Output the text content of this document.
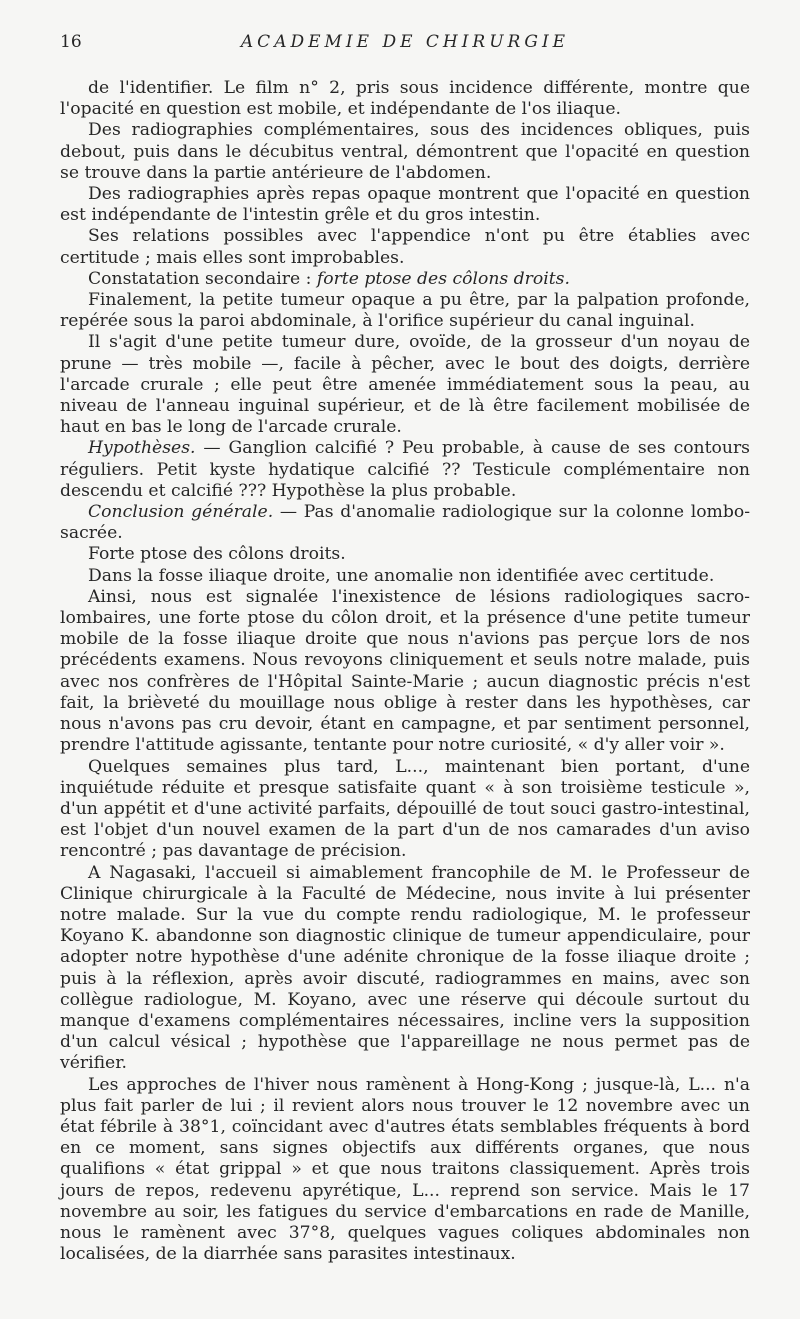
16	ACADEMIE DE CHIRURGIE

de l'identifier. Le film n° 2, pris sous incidence différente, montre que l'opacité en question est mobile, et indépendante de l'os iliaque.

Des radiographies complémentaires, sous des incidences obliques, puis debout, puis dans le décubitus ventral, démontrent que l'opacité en question se trouve dans la partie antérieure de l'abdomen.

Des radiographies après repas opaque montrent que l'opacité en question est indépendante de l'intestin grêle et du gros intestin.

Ses relations possibles avec l'appendice n'ont pu être établies avec certitude ; mais elles sont improbables.

Constatation secondaire : forte ptose des côlons droits.

Finalement, la petite tumeur opaque a pu être, par la palpation profonde, repérée sous la paroi abdominale, à l'orifice supérieur du canal inguinal.

Il s'agit d'une petite tumeur dure, ovoïde, de la grosseur d'un noyau de prune — très mobile —, facile à pêcher, avec le bout des doigts, derrière l'arcade crurale ; elle peut être amenée immédiatement sous la peau, au niveau de l'anneau inguinal supérieur, et de là être facilement mobilisée de haut en bas le long de l'arcade crurale.

Hypothèses. — Ganglion calcifié ? Peu probable, à cause de ses contours réguliers. Petit kyste hydatique calcifié ?? Testicule complémentaire non descendu et calcifié ??? Hypothèse la plus probable.

Conclusion générale. — Pas d'anomalie radiologique sur la colonne lombo-sacrée.

Forte ptose des côlons droits.

Dans la fosse iliaque droite, une anomalie non identifiée avec certitude.

Ainsi, nous est signalée l'inexistence de lésions radiologiques sacro-lombaires, une forte ptose du côlon droit, et la présence d'une petite tumeur mobile de la fosse iliaque droite que nous n'avions pas perçue lors de nos précédents examens. Nous revoyons cliniquement et seuls notre malade, puis avec nos confrères de l'Hôpital Sainte-Marie ; aucun diagnostic précis n'est fait, la brièveté du mouillage nous oblige à rester dans les hypothèses, car nous n'avons pas cru devoir, étant en campagne, et par sentiment personnel, prendre l'attitude agissante, tentante pour notre curiosité, « d'y aller voir ».

Quelques semaines plus tard, L..., maintenant bien portant, d'une inquiétude réduite et presque satisfaite quant « à son troisième testicule », d'un appétit et d'une activité parfaits, dépouillé de tout souci gastro-intestinal, est l'objet d'un nouvel examen de la part d'un de nos camarades d'un aviso rencontré ; pas davantage de précision.

A Nagasaki, l'accueil si aimablement francophile de M. le Professeur de Clinique chirurgicale à la Faculté de Médecine, nous invite à lui présenter notre malade. Sur la vue du compte rendu radiologique, M. le professeur Koyano K. abandonne son diagnostic clinique de tumeur appendiculaire, pour adopter notre hypothèse d'une adénite chronique de la fosse iliaque droite ; puis à la réflexion, après avoir discuté, radiogrammes en mains, avec son collègue radiologue, M. Koyano, avec une réserve qui découle surtout du manque d'examens complémentaires nécessaires, incline vers la supposition d'un calcul vésical ; hypothèse que l'appareillage ne nous permet pas de vérifier.

Les approches de l'hiver nous ramènent à Hong-Kong ; jusque-là, L... n'a plus fait parler de lui ; il revient alors nous trouver le 12 novembre avec un état fébrile à 38°1, coïncidant avec d'autres états semblables fréquents à bord en ce moment, sans signes objectifs aux différents organes, que nous qualifions « état grippal » et que nous traitons classiquement. Après trois jours de repos, redevenu apyrétique, L... reprend son service. Mais le 17 novembre au soir, les fatigues du service d'embarcations en rade de Manille, nous le ramènent avec 37°8, quelques vagues coliques abdominales non localisées, de la diarrhée sans parasites intestinaux.
